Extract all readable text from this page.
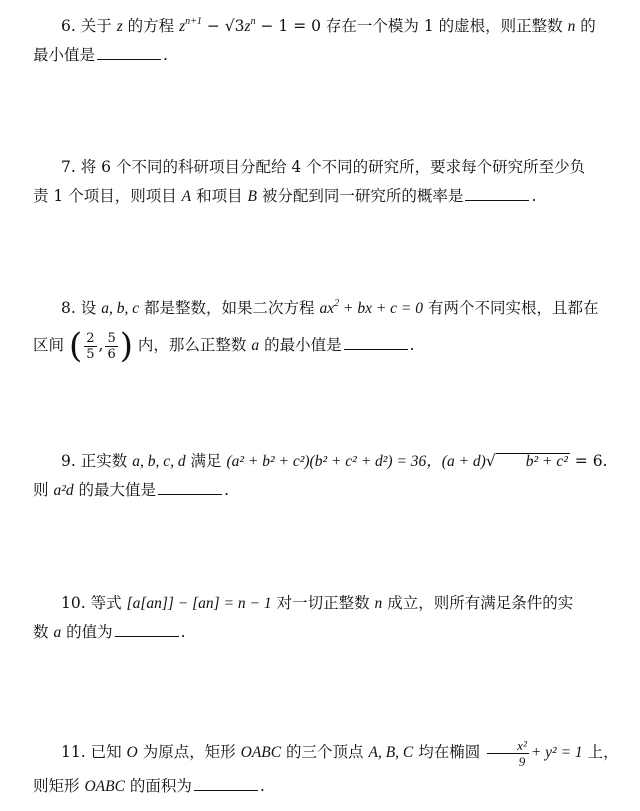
6. 关于 z 的方程 $z^{n+1} - √3z^n - 1 = 0$ 存在一个模为 1 的虚根，则正整数 n 的
最小值是	.
7. 将 6 个不同的科研项目分配给 4 个不同的研究所，要求每个研究所至少负
责 1 个项目，则项目 A 和项目 B 被分配到同一研究所的概率是	.
8. 设 a, b, c 都是整数，如果二次方程 $ax^2$ + bx + c = 0 有两个不同实根，且都在
区间 ( $\frac{2}{5}$ , $\frac{5}{6}$ ) 内，那么正整数 a 的最小值是	.
9. 正实数 a, b, c, d 满足 (a² + b² + c²)(b² + c² + d²) = 36，(a + d)√ b² + c² = 6.
则 a²d 的最大值是	.
10. 等式 [a[an]] − [an] = n − 1 对一切正整数 n 成立，则所有满足条件的实
数 a 的值为	.
11. 已知 O 为原点，矩形 OABC 的三个顶点 A, B, C 均在椭圆 $\frac{\text{x²}}{9} + y^2 = 1$ 上，
则矩形 OABC 的面积为	.
